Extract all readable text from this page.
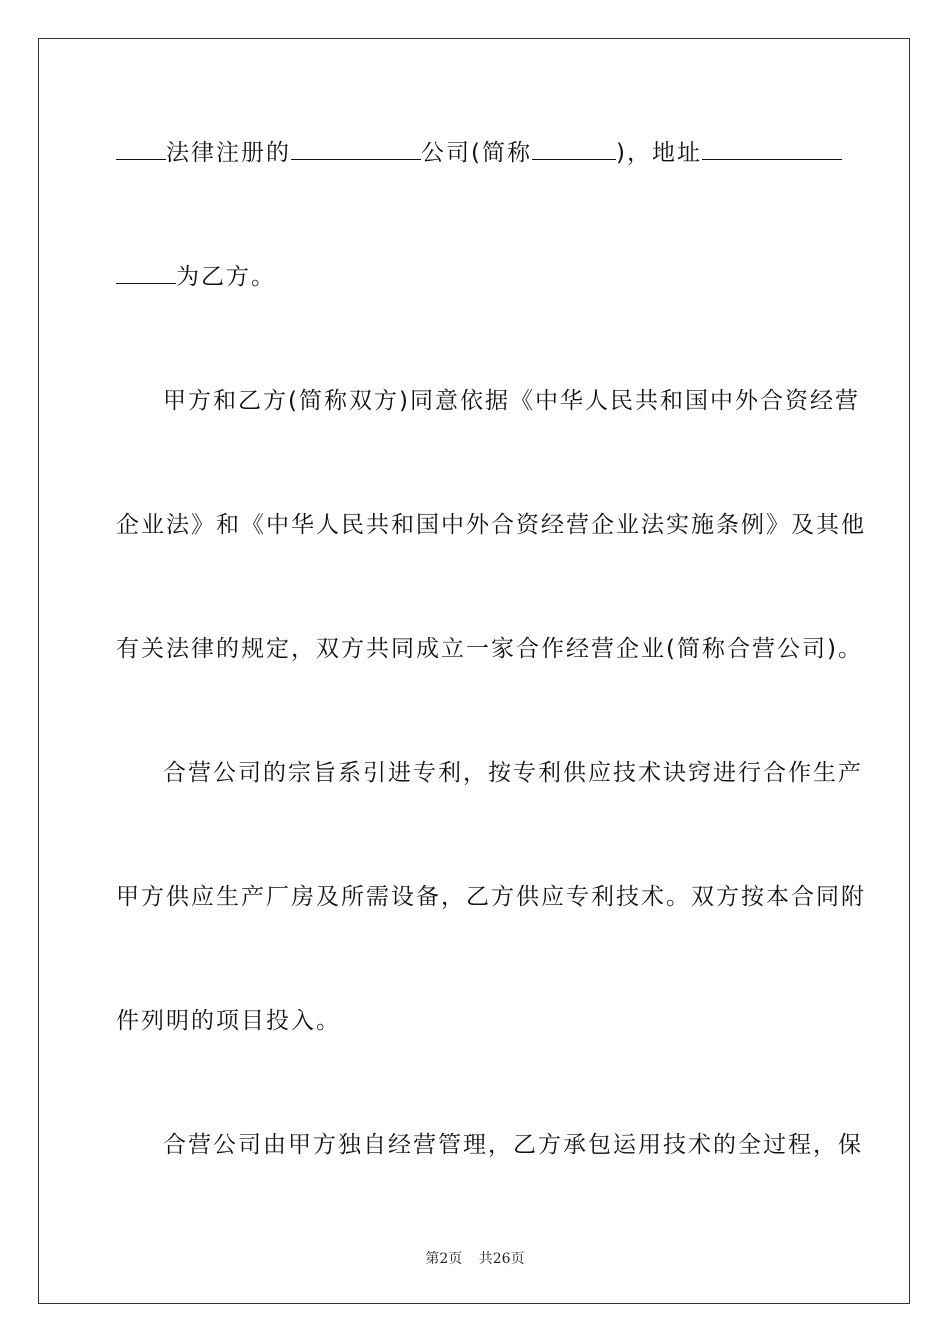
法律注册的	公司(简称	)，地址
为乙方。
甲方和乙方(简称双方)同意依据《中华人民共和国中外合资经营
企业法》和《中华人民共和国中外合资经营企业法实施条例》及其他
有关法律的规定，双方共同成立一家合作经营企业(简称合营公司)。
合营公司的宗旨系引进专利，按专利供应技术诀窍进行合作生产
甲方供应生产厂房及所需设备，乙方供应专利技术。双方按本合同附
件列明的项目投入。
合营公司由甲方独自经营管理，乙方承包运用技术的全过程，保
第2页 共26页
